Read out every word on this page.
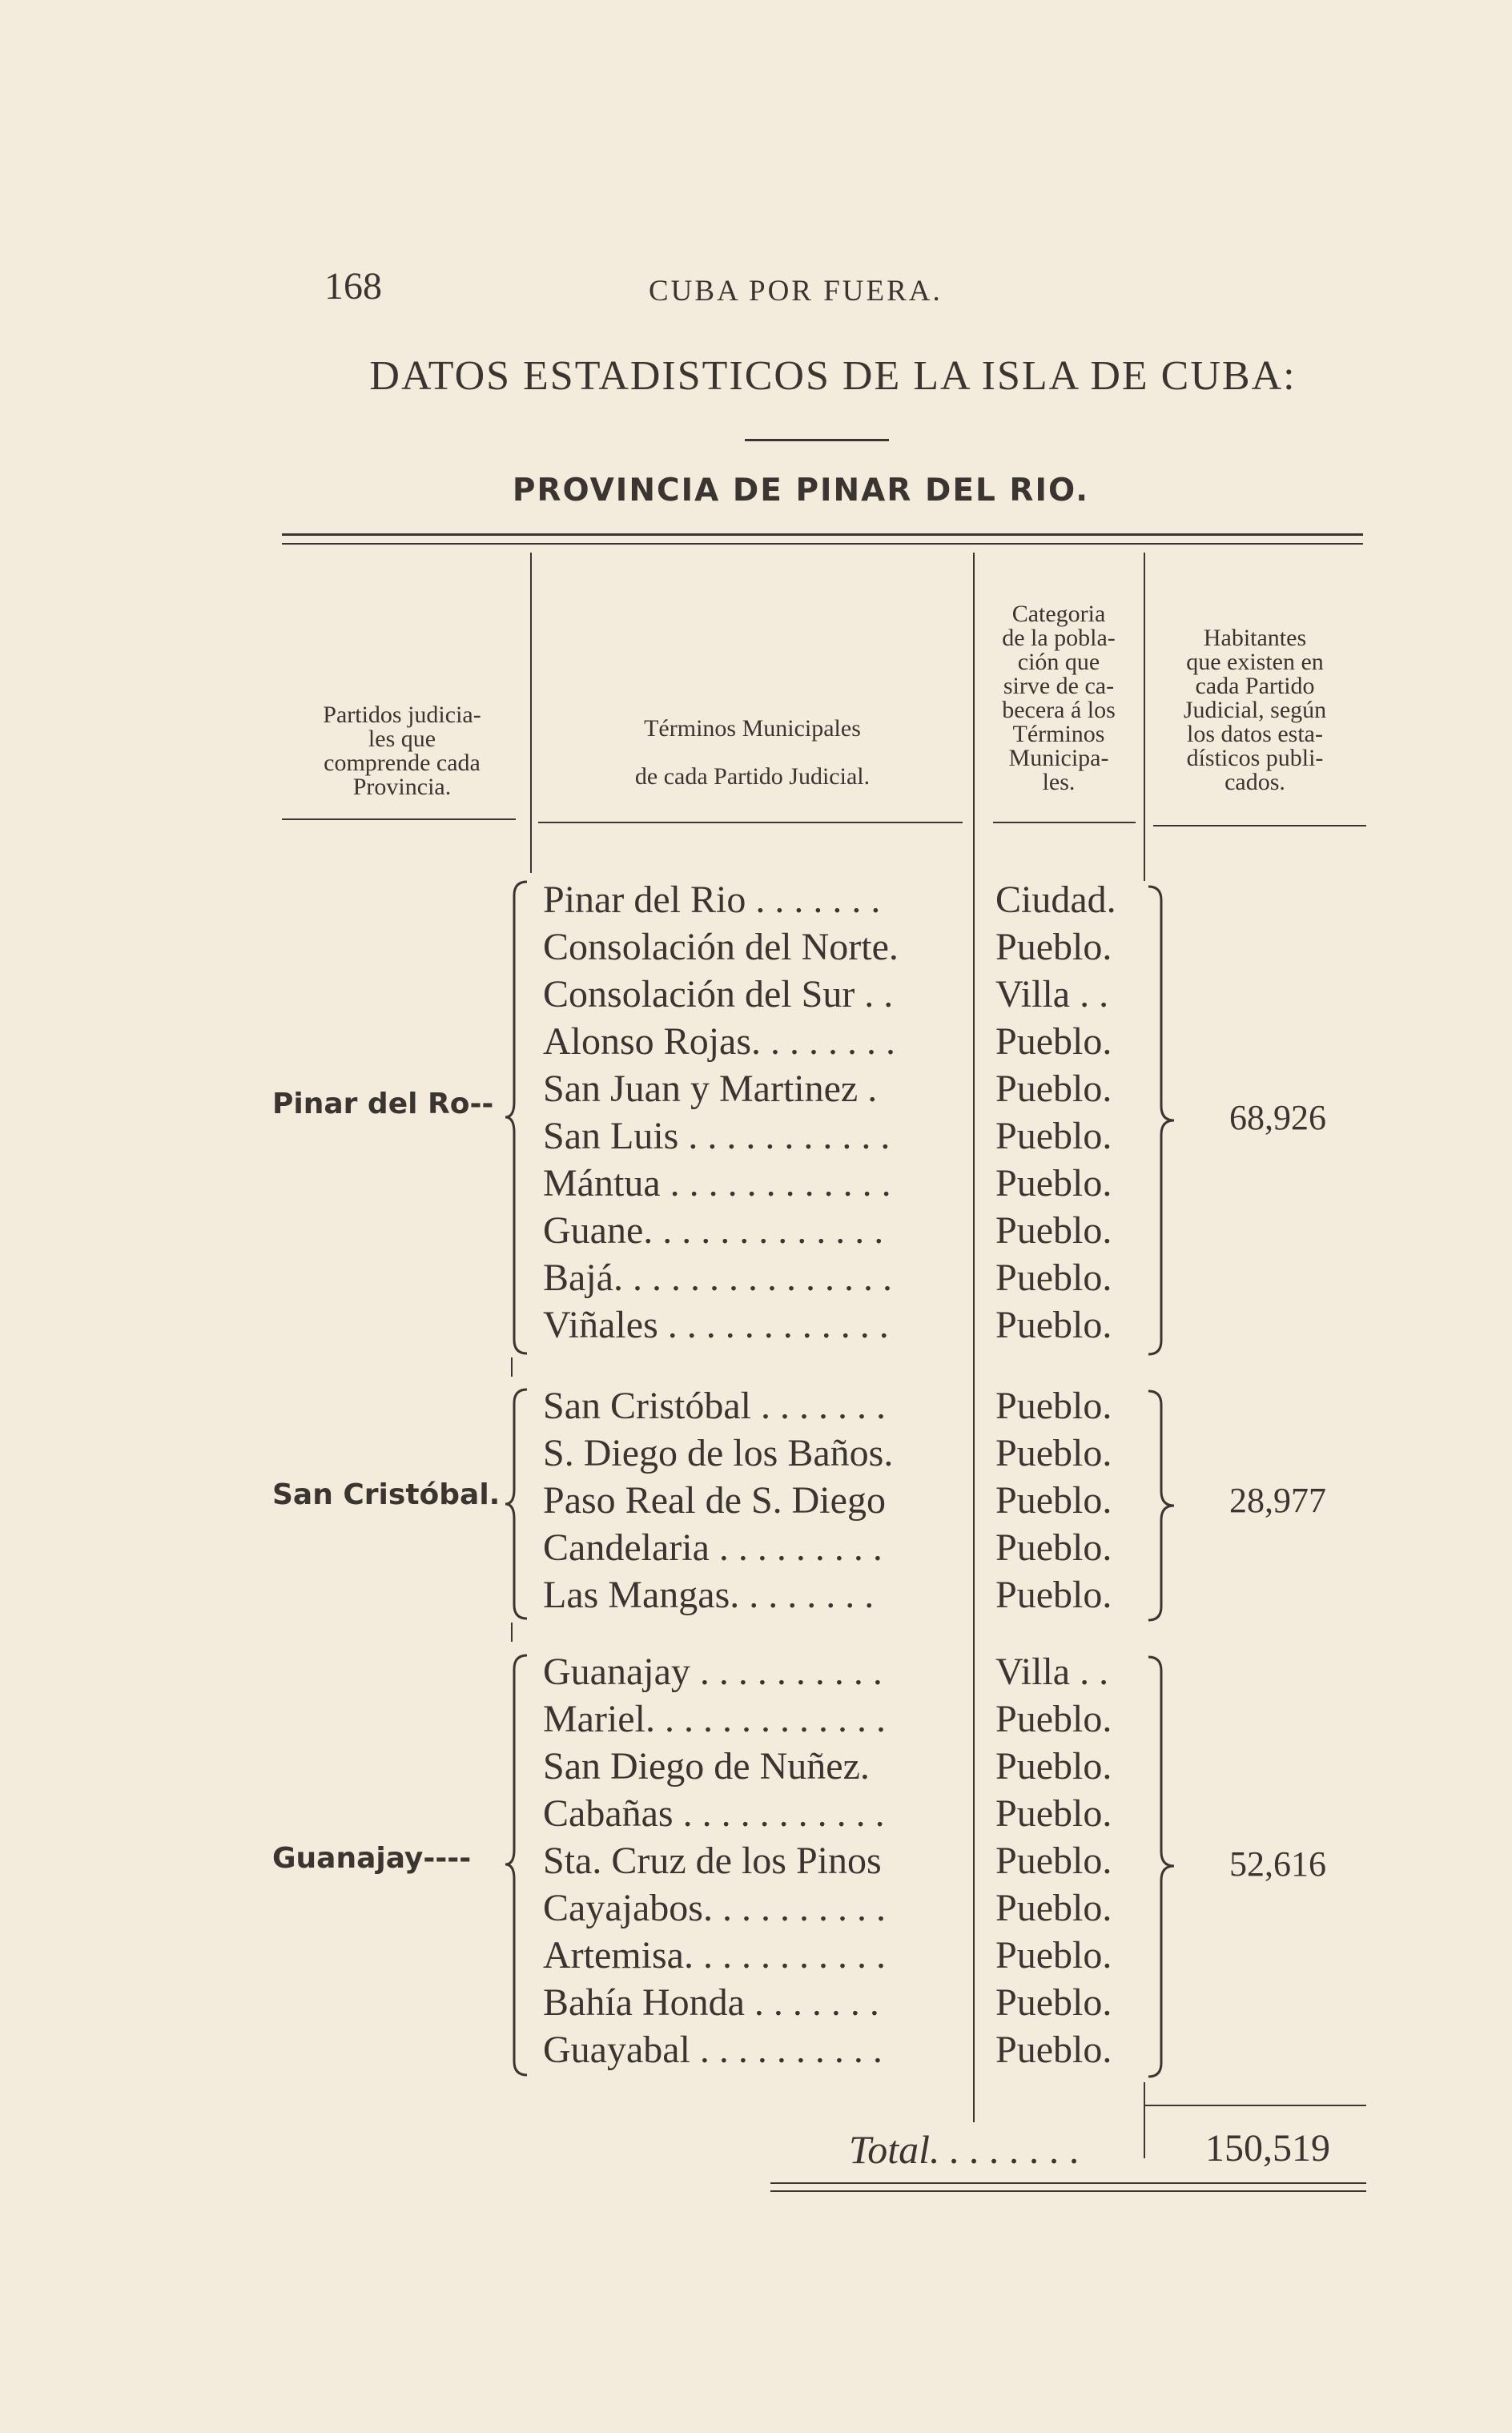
168	CUBA POR FUERA.
DATOS ESTADISTICOS DE LA ISLA DE CUBA:
PROVINCIA DE PINAR DEL RIO.
Partidos judicia-
les que
comprende cada
Provincia.
Términos Municipales
de cada Partido Judicial.
Categoria
de la pobla-
ción que
sirve de ca-
becera á los
Términos
Municipa-
les.
Habitantes
que existen en
cada Partido
Judicial, según
los datos esta-
dísticos publi-
cados.
Pinar del Ro--
Pinar del Rio . . . . . . .	Ciudad.
Consolación del Norte.	Pueblo.
Consolación del Sur . .	Villa . .
Alonso Rojas. . . . . . . .	Pueblo.
San Juan y Martinez .	Pueblo.
San Luis . . . . . . . . . . .	Pueblo.
Mántua . . . . . . . . . . . .	Pueblo.
Guane. . . . . . . . . . . . .	Pueblo.
Bajá. . . . . . . . . . . . . . .	Pueblo.
Viñales . . . . . . . . . . . .	Pueblo.
68,926
San Cristóbal.
San Cristóbal . . . . . . .	Pueblo.
S. Diego de los Baños.	Pueblo.
Paso Real de S. Diego	Pueblo.
Candelaria . . . . . . . . .	Pueblo.
Las Mangas. . . . . . . .	Pueblo.
28,977
Guanajay----
Guanajay . . . . . . . . . .	Villa . .
Mariel. . . . . . . . . . . . .	Pueblo.
San Diego de Nuñez.	Pueblo.
Cabañas . . . . . . . . . . .	Pueblo.
Sta. Cruz de los Pinos	Pueblo.
Cayajabos. . . . . . . . . .	Pueblo.
Artemisa. . . . . . . . . . .	Pueblo.
Bahía Honda . . . . . . .	Pueblo.
Guayabal . . . . . . . . . .	Pueblo.
52,616
Total. . . . . . . .	150,519
